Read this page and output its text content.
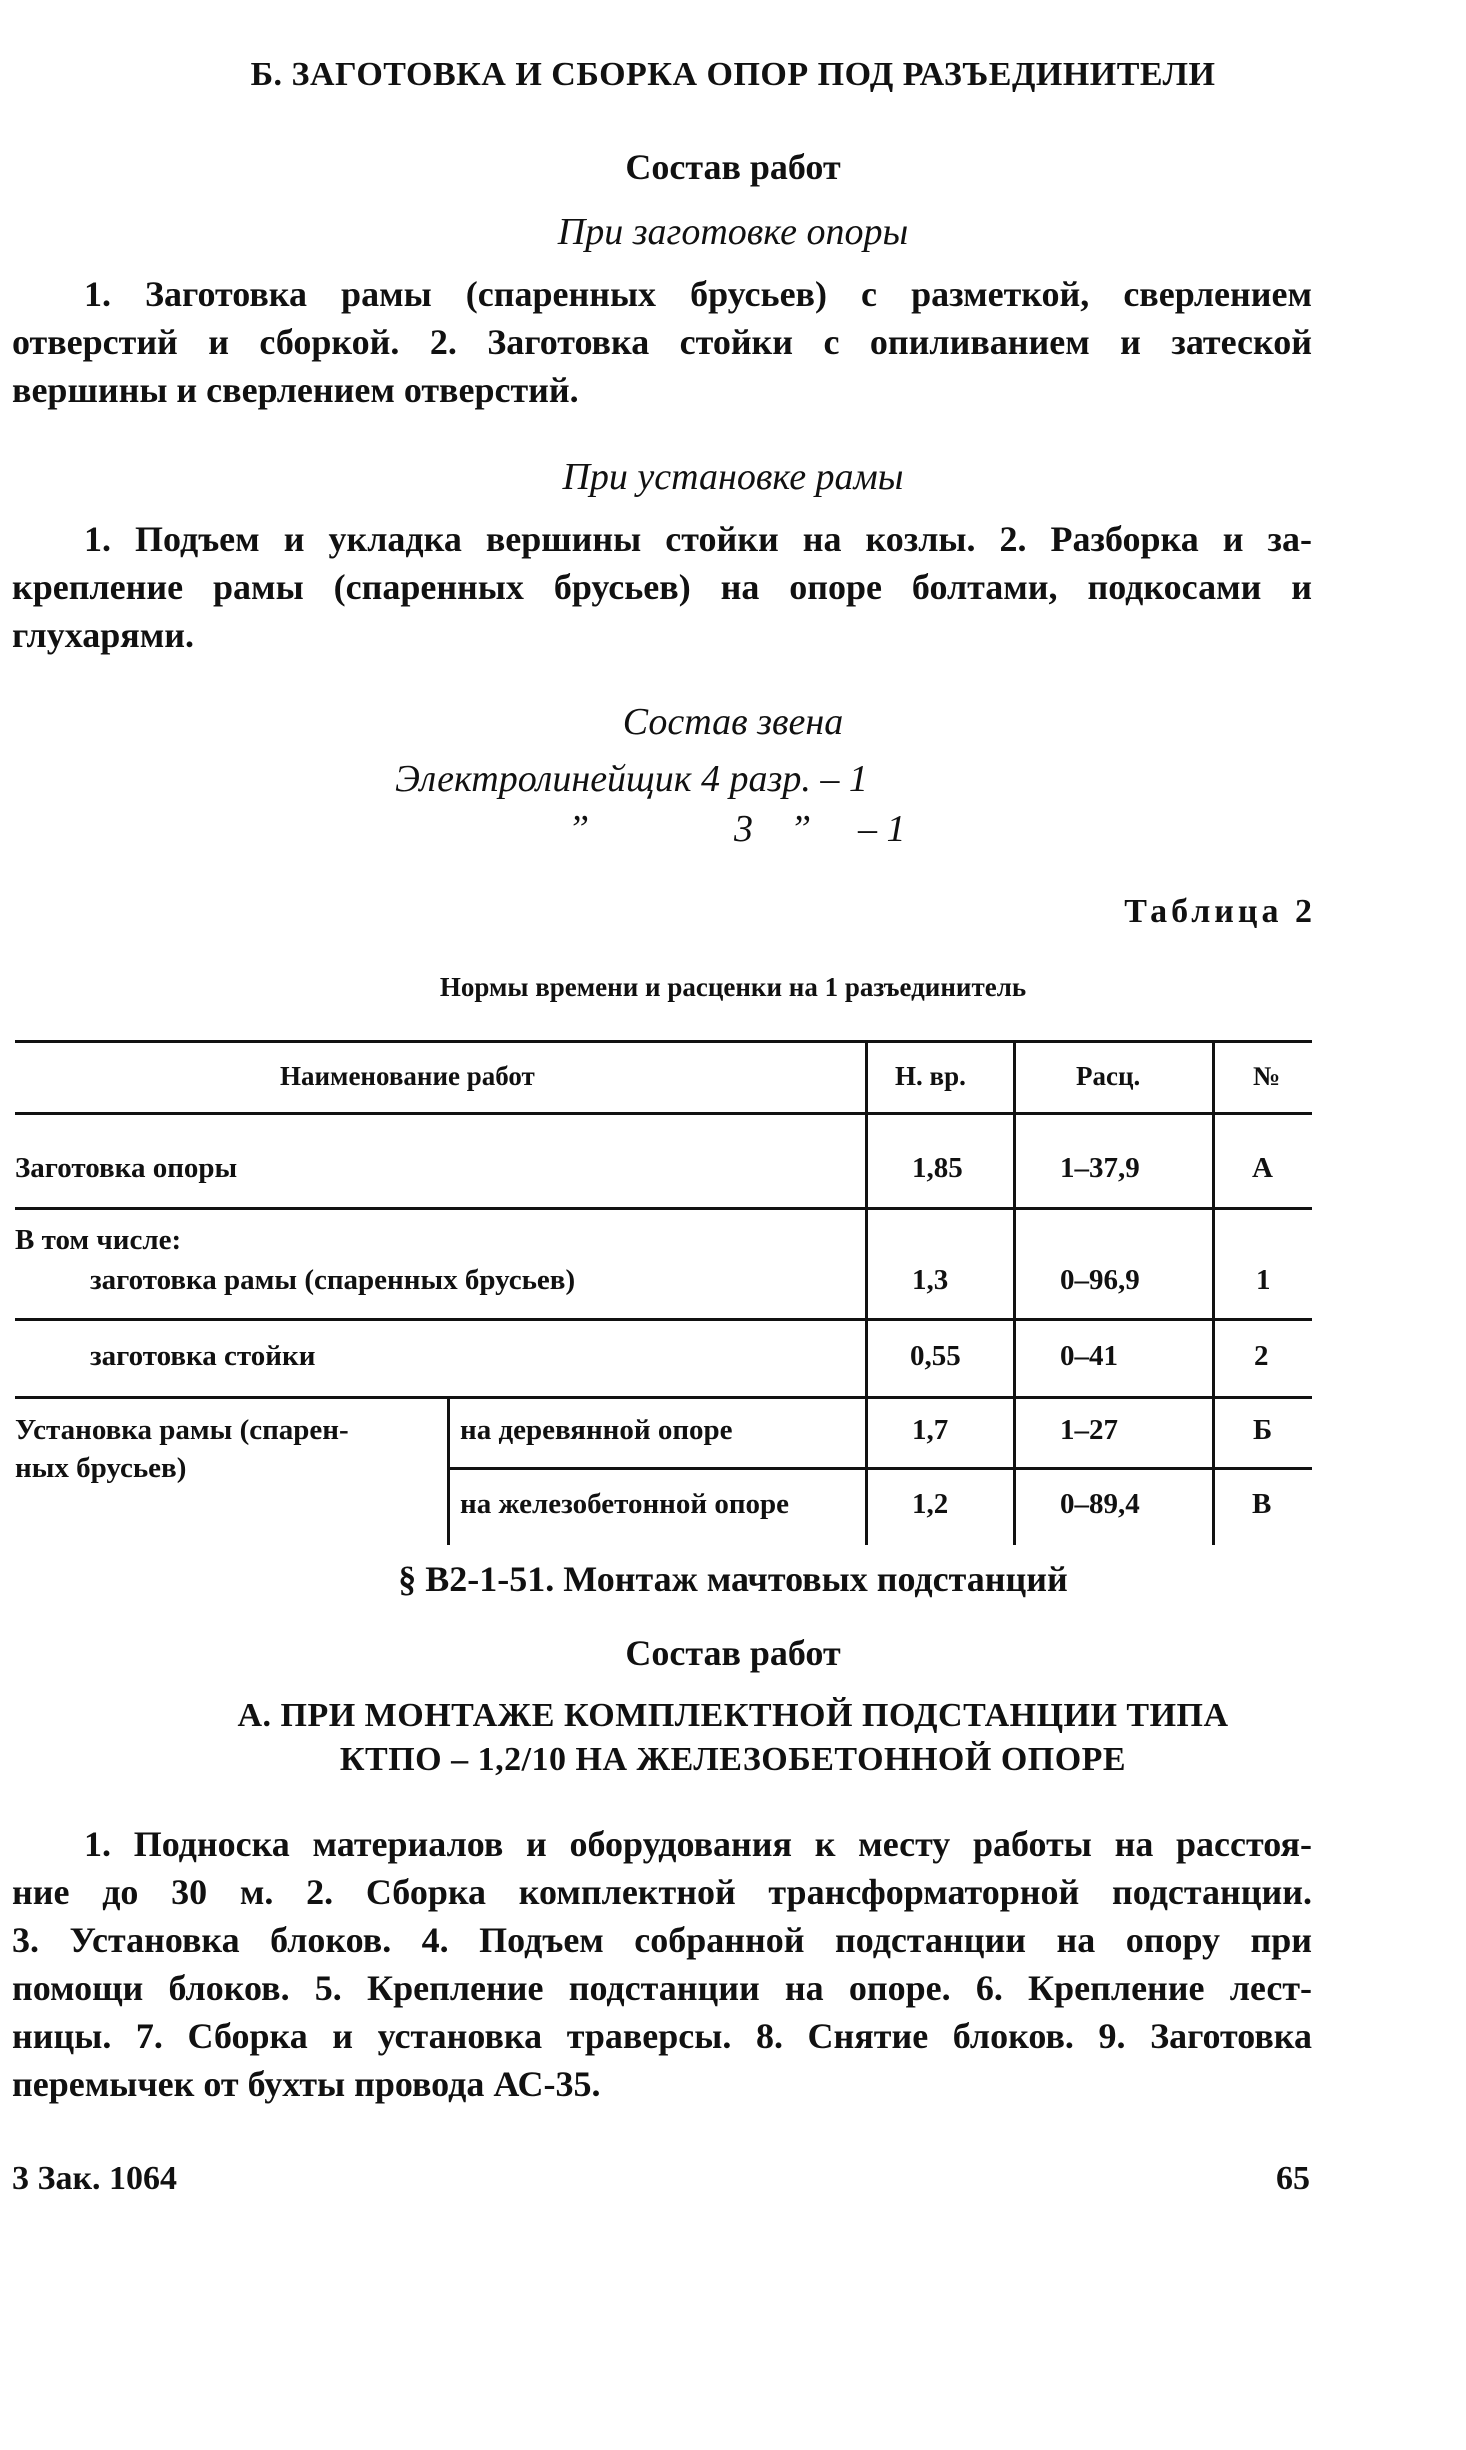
Б. ЗАГОТОВКА И СБОРКА ОПОР ПОД РАЗЪЕДИНИТЕЛИ
Состав работ
При заготовке опоры
1. Заготовка рамы (спаренных брусьев) с разметкой, сверлением
отверстий и сборкой. 2. Заготовка стойки с опиливанием и затеской
вершины и сверлением отверстий.
При установке рамы
1. Подъем и укладка вершины стойки на козлы. 2. Разборка и за-
крепление рамы (спаренных брусьев) на опоре болтами, подкосами и
глухарями.
Состав звена
Электролинейщик 4 разр. – 1
”	3 ” – 1
Таблица 2
Нормы времени и расценки на 1 разъединитель
Наименование работ	Н. вр.	Расц.	№
Заготовка опоры	1,85	1–37,9	А
В том числе:
заготовка рамы (спаренных брусьев)	1,3	0–96,9	1
заготовка стойки	0,55	0–41	2
Установка рамы (спарен-
ных брусьев)
на деревянной опоре	1,7	1–27	Б
на железобетонной опоре	1,2	0–89,4	В
§ В2-1-51. Монтаж мачтовых подстанций
Состав работ
А. ПРИ МОНТАЖЕ КОМПЛЕКТНОЙ ПОДСТАНЦИИ ТИПА
КТПО – 1,2/10 НА ЖЕЛЕЗОБЕТОННОЙ ОПОРЕ
1. Подноска материалов и оборудования к месту работы на расстоя-
ние до 30 м. 2. Сборка комплектной трансформаторной подстанции.
3. Установка блоков. 4. Подъем собранной подстанции на опору при
помощи блоков. 5. Крепление подстанции на опоре. 6. Крепление лест-
ницы. 7. Сборка и установка траверсы. 8. Снятие блоков. 9. Заготовка
перемычек от бухты провода АС-35.
3 Зак. 1064	65
